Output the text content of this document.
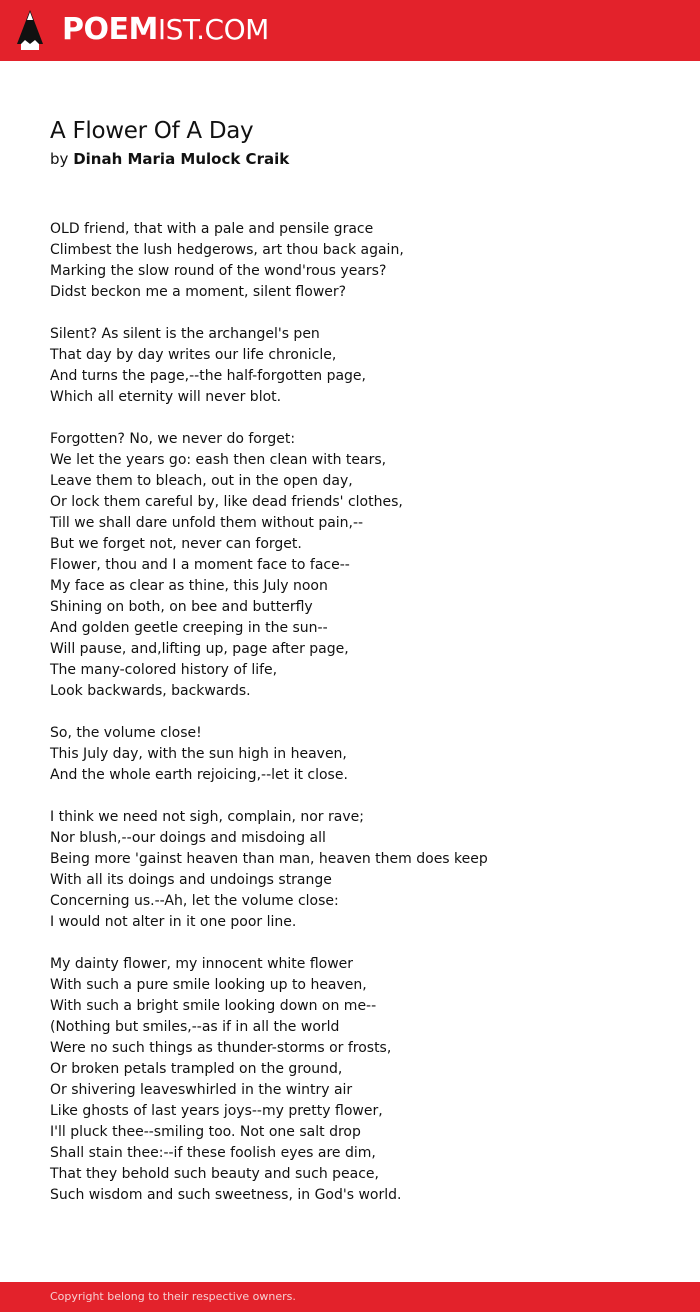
POEMIST.COM
A Flower Of A Day
by Dinah Maria Mulock Craik
OLD friend, that with a pale and pensile grace
Climbest the lush hedgerows, art thou back again,
Marking the slow round of the wond'rous years?
Didst beckon me a moment, silent flower?
Silent? As silent is the archangel's pen
That day by day writes our life chronicle,
And turns the page,--the half-forgotten page,
Which all eternity will never blot.
Forgotten? No, we never do forget:
We let the years go: eash then clean with tears,
Leave them to bleach, out in the open day,
Or lock them careful by, like dead friends' clothes,
Till we shall dare unfold them without pain,--
But we forget not, never can forget.
Flower, thou and I a moment face to face--
My face as clear as thine, this July noon
Shining on both, on bee and butterfly
And golden geetle creeping in the sun--
Will pause, and,lifting up, page after page,
The many-colored history of life,
Look backwards, backwards.
So, the volume close!
This July day, with the sun high in heaven,
And the whole earth rejoicing,--let it close.
I think we need not sigh, complain, nor rave;
Nor blush,--our doings and misdoing all
Being more 'gainst heaven than man, heaven them does keep
With all its doings and undoings strange
Concerning us.--Ah, let the volume close:
I would not alter in it one poor line.
My dainty flower, my innocent white flower
With such a pure smile looking up to heaven,
With such a bright smile looking down on me--
(Nothing but smiles,--as if in all the world
Were no such things as thunder-storms or frosts,
Or broken petals trampled on the ground,
Or shivering leaveswhirled in the wintry air
Like ghosts of last years joys--my pretty flower,
I'll pluck thee--smiling too. Not one salt drop
Shall stain thee:--if these foolish eyes are dim,
That they behold such beauty and such peace,
Such wisdom and such sweetness, in God's world.
Copyright belong to their respective owners.
